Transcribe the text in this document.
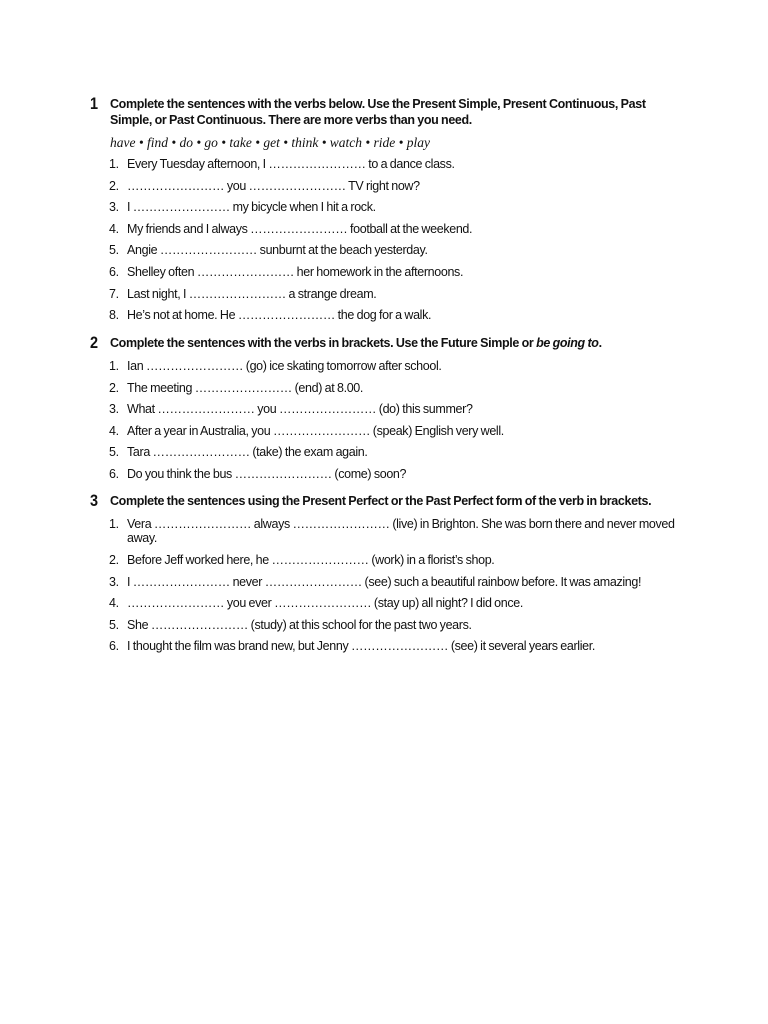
1 Complete the sentences with the verbs below. Use the Present Simple, Present Continuous, Past Simple, or Past Continuous. There are more verbs than you need.
have • find • do • go • take • get • think • watch • ride • play
1. Every Tuesday afternoon, I …………………… to a dance class.
2. …………………… you …………………… TV right now?
3. I …………………… my bicycle when I hit a rock.
4. My friends and I always …………………… football at the weekend.
5. Angie …………………… sunburnt at the beach yesterday.
6. Shelley often …………………… her homework in the afternoons.
7. Last night, I …………………… a strange dream.
8. He’s not at home. He …………………… the dog for a walk.
2 Complete the sentences with the verbs in brackets. Use the Future Simple or be going to.
1. Ian …………………… (go) ice skating tomorrow after school.
2. The meeting …………………… (end) at 8.00.
3. What …………………… you …………………… (do) this summer?
4. After a year in Australia, you …………………… (speak) English very well.
5. Tara …………………… (take) the exam again.
6. Do you think the bus …………………… (come) soon?
3 Complete the sentences using the Present Perfect or the Past Perfect form of the verb in brackets.
1. Vera …………………… always …………………… (live) in Brighton. She was born there and never moved away.
2. Before Jeff worked here, he …………………… (work) in a florist’s shop.
3. I …………………… never …………………… (see) such a beautiful rainbow before. It was amazing!
4. …………………… you ever …………………… (stay up) all night? I did once.
5. She …………………… (study) at this school for the past two years.
6. I thought the film was brand new, but Jenny …………………… (see) it several years earlier.
